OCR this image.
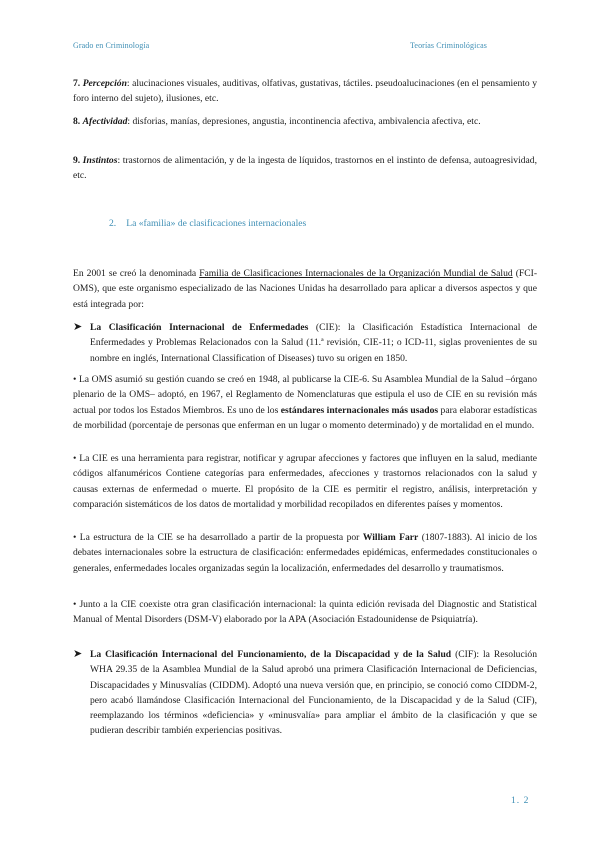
Grado en Criminología	Teorías Criminológicas
7. Percepción: alucinaciones visuales, auditivas, olfativas, gustativas, táctiles. pseudoalucinaciones (en el pensamiento y foro interno del sujeto), ilusiones, etc.
8. Afectividad: disforias, manías, depresiones, angustia, incontinencia afectiva, ambivalencia afectiva, etc.
9. Instintos: trastornos de alimentación, y de la ingesta de líquidos, trastornos en el instinto de defensa, autoagresividad, etc.
2. La «familia» de clasificaciones internacionales
En 2001 se creó la denominada Familia de Clasificaciones Internacionales de la Organización Mundial de Salud (FCI-OMS), que este organismo especializado de las Naciones Unidas ha desarrollado para aplicar a diversos aspectos y que está integrada por:
➤ La Clasificación Internacional de Enfermedades (CIE): la Clasificación Estadística Internacional de Enfermedades y Problemas Relacionados con la Salud (11.ª revisión, CIE-11; o ICD-11, siglas provenientes de su nombre en inglés, International Classification of Diseases) tuvo su origen en 1850.
• La OMS asumió su gestión cuando se creó en 1948, al publicarse la CIE-6. Su Asamblea Mundial de la Salud –órgano plenario de la OMS– adoptó, en 1967, el Reglamento de Nomenclaturas que estipula el uso de CIE en su revisión más actual por todos los Estados Miembros. Es uno de los estándares internacionales más usados para elaborar estadísticas de morbilidad (porcentaje de personas que enferman en un lugar o momento determinado) y de mortalidad en el mundo.
• La CIE es una herramienta para registrar, notificar y agrupar afecciones y factores que influyen en la salud, mediante códigos alfanuméricos Contiene categorías para enfermedades, afecciones y trastornos relacionados con la salud y causas externas de enfermedad o muerte. El propósito de la CIE es permitir el registro, análisis, interpretación y comparación sistemáticos de los datos de mortalidad y morbilidad recopilados en diferentes países y momentos.
• La estructura de la CIE se ha desarrollado a partir de la propuesta por William Farr (1807-1883). Al inicio de los debates internacionales sobre la estructura de clasificación: enfermedades epidémicas, enfermedades constitucionales o generales, enfermedades locales organizadas según la localización, enfermedades del desarrollo y traumatismos.
• Junto a la CIE coexiste otra gran clasificación internacional: la quinta edición revisada del Diagnostic and Statistical Manual of Mental Disorders (DSM-V) elaborado por la APA (Asociación Estadounidense de Psiquiatría).
➤ La Clasificación Internacional del Funcionamiento, de la Discapacidad y de la Salud (CIF): la Resolución WHA 29.35 de la Asamblea Mundial de la Salud aprobó una primera Clasificación Internacional de Deficiencias, Discapacidades y Minusvalías (CIDDM). Adoptó una nueva versión que, en principio, se conoció como CIDDM-2, pero acabó llamándose Clasificación Internacional del Funcionamiento, de la Discapacidad y de la Salud (CIF), reemplazando los términos «deficiencia» y «minusvalía» para ampliar el ámbito de la clasificación y que se pudieran describir también experiencias positivas.
1. 2
